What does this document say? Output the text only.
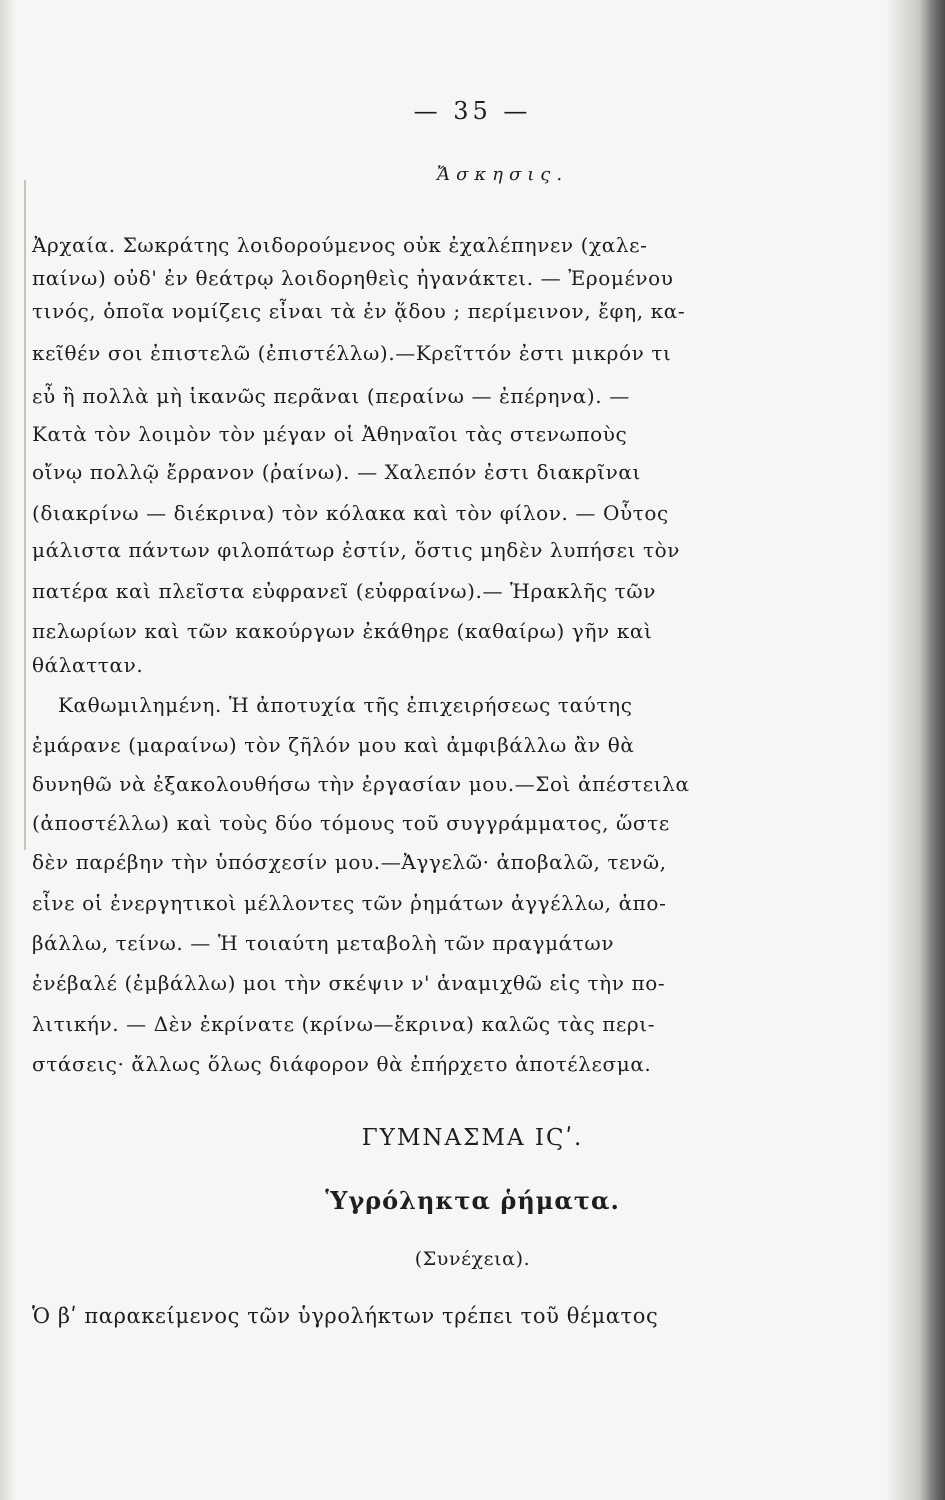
— 35 —
Ἄσκησις.
Ἀρχαία. Σωκράτης λοιδορούμενος οὐκ ἐχαλέπηνεν (χαλε-
παίνω) οὐδ' ἐν θεάτρῳ λοιδορηθεὶς ἠγανάκτει. — Ἐρομένου
τινός, ὁποῖα νομίζεις εἶναι τὰ ἐν ᾅδου ; περίμεινον, ἔφη, κα-
κεῖθέν σοι ἐπιστελῶ (ἐπιστέλλω).—Κρεῖττόν ἐστι μικρόν τι
εὖ ἢ πολλὰ μὴ ἱκανῶς περᾶναι (περαίνω — ἐπέρηνα). —
Κατὰ τὸν λοιμὸν τὸν μέγαν οἱ Ἀθηναῖοι τὰς στενωποὺς
οἴνῳ πολλῷ ἔρρανον (ῥαίνω). — Χαλεπόν ἐστι διακρῖναι
(διακρίνω — διέκρινα) τὸν κόλακα καὶ τὸν φίλον. — Οὗτος
μάλιστα πάντων φιλοπάτωρ ἐστίν, ὅστις μηδὲν λυπήσει τὸν
πατέρα καὶ πλεῖστα εὐφρανεῖ (εὐφραίνω).— Ἡρακλῆς τῶν
πελωρίων καὶ τῶν κακούργων ἐκάθηρε (καθαίρω) γῆν καὶ
θάλατταν.
Καθωμιλημένη. Ἡ ἀποτυχία τῆς ἐπιχειρήσεως ταύτης
ἐμάρανε (μαραίνω) τὸν ζῆλόν μου καὶ ἀμφιβάλλω ἂν θὰ
δυνηθῶ νὰ ἐξακολουθήσω τὴν ἐργασίαν μου.—Σοὶ ἀπέστειλα
(ἀποστέλλω) καὶ τοὺς δύο τόμους τοῦ συγγράμματος, ὥστε
δὲν παρέβην τὴν ὑπόσχεσίν μου.—Ἀγγελῶ· ἀποβαλῶ, τενῶ,
εἶνε οἱ ἐνεργητικοὶ μέλλοντες τῶν ῥημάτων ἀγγέλλω, ἀπο-
βάλλω, τείνω. — Ἡ τοιαύτη μεταβολὴ τῶν πραγμάτων
ἐνέβαλέ (ἐμβάλλω) μοι τὴν σκέψιν ν' ἀναμιχθῶ εἰς τὴν πο-
λιτικήν. — Δὲν ἐκρίνατε (κρίνω—ἔκρινα) καλῶς τὰς περι-
στάσεις· ἄλλως ὅλως διάφορον θὰ ἐπήρχετο ἀποτέλεσμα.
ΓΥΜΝΑΣΜΑ ΙϚʹ.
Ὑγρόληκτα ῥήματα.
(Συνέχεια).
Ὁ βʹ παρακείμενος τῶν ὑγρολήκτων τρέπει τοῦ θέματος
